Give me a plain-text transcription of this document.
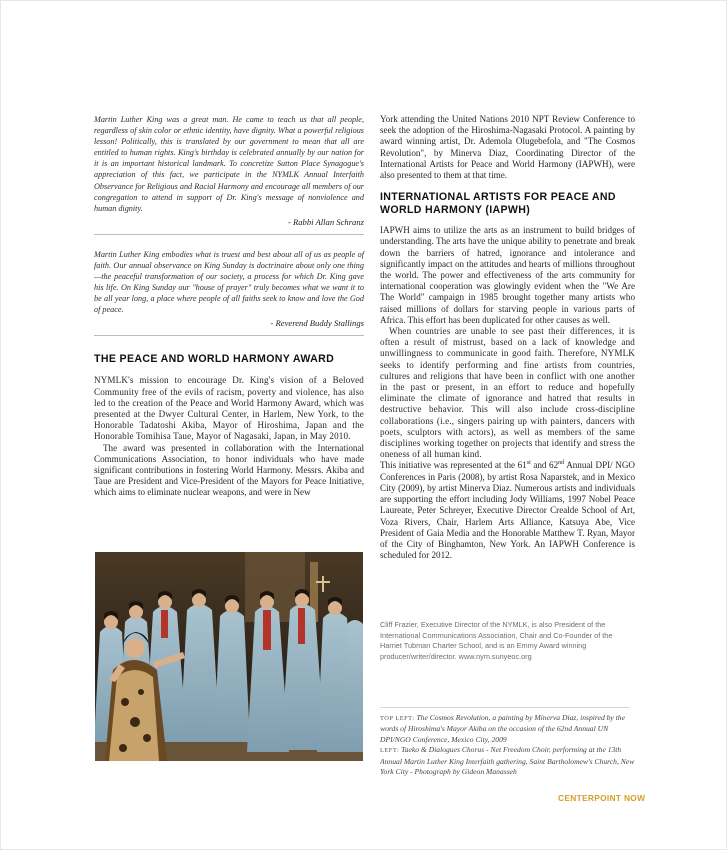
Martin Luther King was a great man. He came to teach us that all people, regardless of skin color or ethnic identity, have dignity. What a powerful religious lesson! Politically, this is translated by our government to mean that all are entitled to human rights. King's birthday is celebrated annually by our nation for it is an important historical landmark. To concretize Sutton Place Synagogue's appreciation of this fact, we participate in the NYMLK Annual Interfaith Observance for Religious and Racial Harmony and encourage all members of our congregation to attend in support of Dr. King's message of nonviolence and human dignity.

- Rabbi Allan Schranz

Martin Luther King embodies what is truest and best about all of us as people of faith. Our annual observance on King Sunday is doctrinaire about only one thing—the peaceful transformation of our society, a process for which Dr. King gave his life. On King Sunday our "house of prayer" truly becomes what we want it to be all year long, a place where people of all faiths seek to know and love the God of peace.

- Reverend Buddy Stallings

THE PEACE AND WORLD HARMONY AWARD

NYMLK's mission to encourage Dr. King's vision of a Beloved Community free of the evils of racism, poverty and violence, has also led to the creation of the Peace and World Harmony Award, which was presented at the Dwyer Cultural Center, in Harlem, New York, to the Honorable Tadatoshi Akiba, Mayor of Hiroshima, Japan and the Honorable Tomihisa Taue, Mayor of Nagasaki, Japan, in May 2010.

The award was presented in collaboration with the International Communications Association, to honor individuals who have made significant contributions in fostering World Harmony. Messrs. Akiba and Taue are President and Vice-President of the Mayors for Peace Initiative, which aims to eliminate nuclear weapons, and were in New

York attending the United Nations 2010 NPT Review Conference to seek the adoption of the Hiroshima-Nagasaki Protocol. A painting by award winning artist, Dr. Ademola Olugebefola, and "The Cosmos Revolution", by Minerva Diaz, Coordinating Director of the International Artists for Peace and World Harmony (IAPWH), were also presented to them at that time.

INTERNATIONAL ARTISTS FOR PEACE AND WORLD HARMONY (IAPWH)

IAPWH aims to utilize the arts as an instrument to build bridges of understanding. The arts have the unique ability to penetrate and break down the barriers of hatred, ignorance and intolerance and significantly impact on the attitudes and hearts of millions throughout the world. The power and effectiveness of the arts community for international cooperation was glowingly evident when the "We Are The World" campaign in 1985 brought together many artists who raised millions of dollars for starving people in various parts of Africa. This effort has been duplicated for other causes as well.

When countries are unable to see past their differences, it is often a result of mistrust, based on a lack of knowledge and unwillingness to communicate in good faith. Therefore, NYMLK seeks to identify performing and fine artists from countries, cultures and religions that have been in conflict with one another in the past or present, in an effort to reduce and hopefully eliminate the climate of ignorance and hatred that results in destructive behavior. This will also include cross-discipline collaborations (i.e., singers pairing up with painters, dancers with poets, sculptors with actors), as well as members of the same disciplines working together on projects that identify and stress the oneness of all human kind.

This initiative was represented at the 61st and 62nd Annual DPI/ NGO Conferences in Paris (2008), by artist Rosa Naparstek, and in Mexico City (2009), by artist Minerva Diaz. Numerous artists and individuals are supporting the effort including Jody Williams, 1997 Nobel Peace Laureate, Peter Schreyer, Executive Director Crealde School of Art, Voza Rivers, Chair, Harlem Arts Alliance, Katsuya Abe, Vice President of Gaia Media and the Honorable Matthew T. Ryan, Mayor of the City of Binghamton, New York. An IAPWH Conference is scheduled for 2012.

Cliff Frazier, Executive Director of the NYMLK, is also President of the International Communications Association, Chair and Co-Founder of the Harriet Tubman Charter School, and is an Emmy Award winning producer/writer/director. www.nym.sunyeoc.org

TOP LEFT: The Cosmos Revolution, a painting by Minerva Diaz, inspired by the words of Hiroshima's Mayor Akiba on the occasion of the 62nd Annual UN DPI/NGO Conference, Mexico City, 2009
LEFT: Taeko & Dialogues Chorus - Net Freedom Choir, performing at the 13th Annual Martin Luther King Interfaith gathering, Saint Bartholomew's Church, New York City - Photograph by Gideon Manasseh
CENTERPOINT NOW
